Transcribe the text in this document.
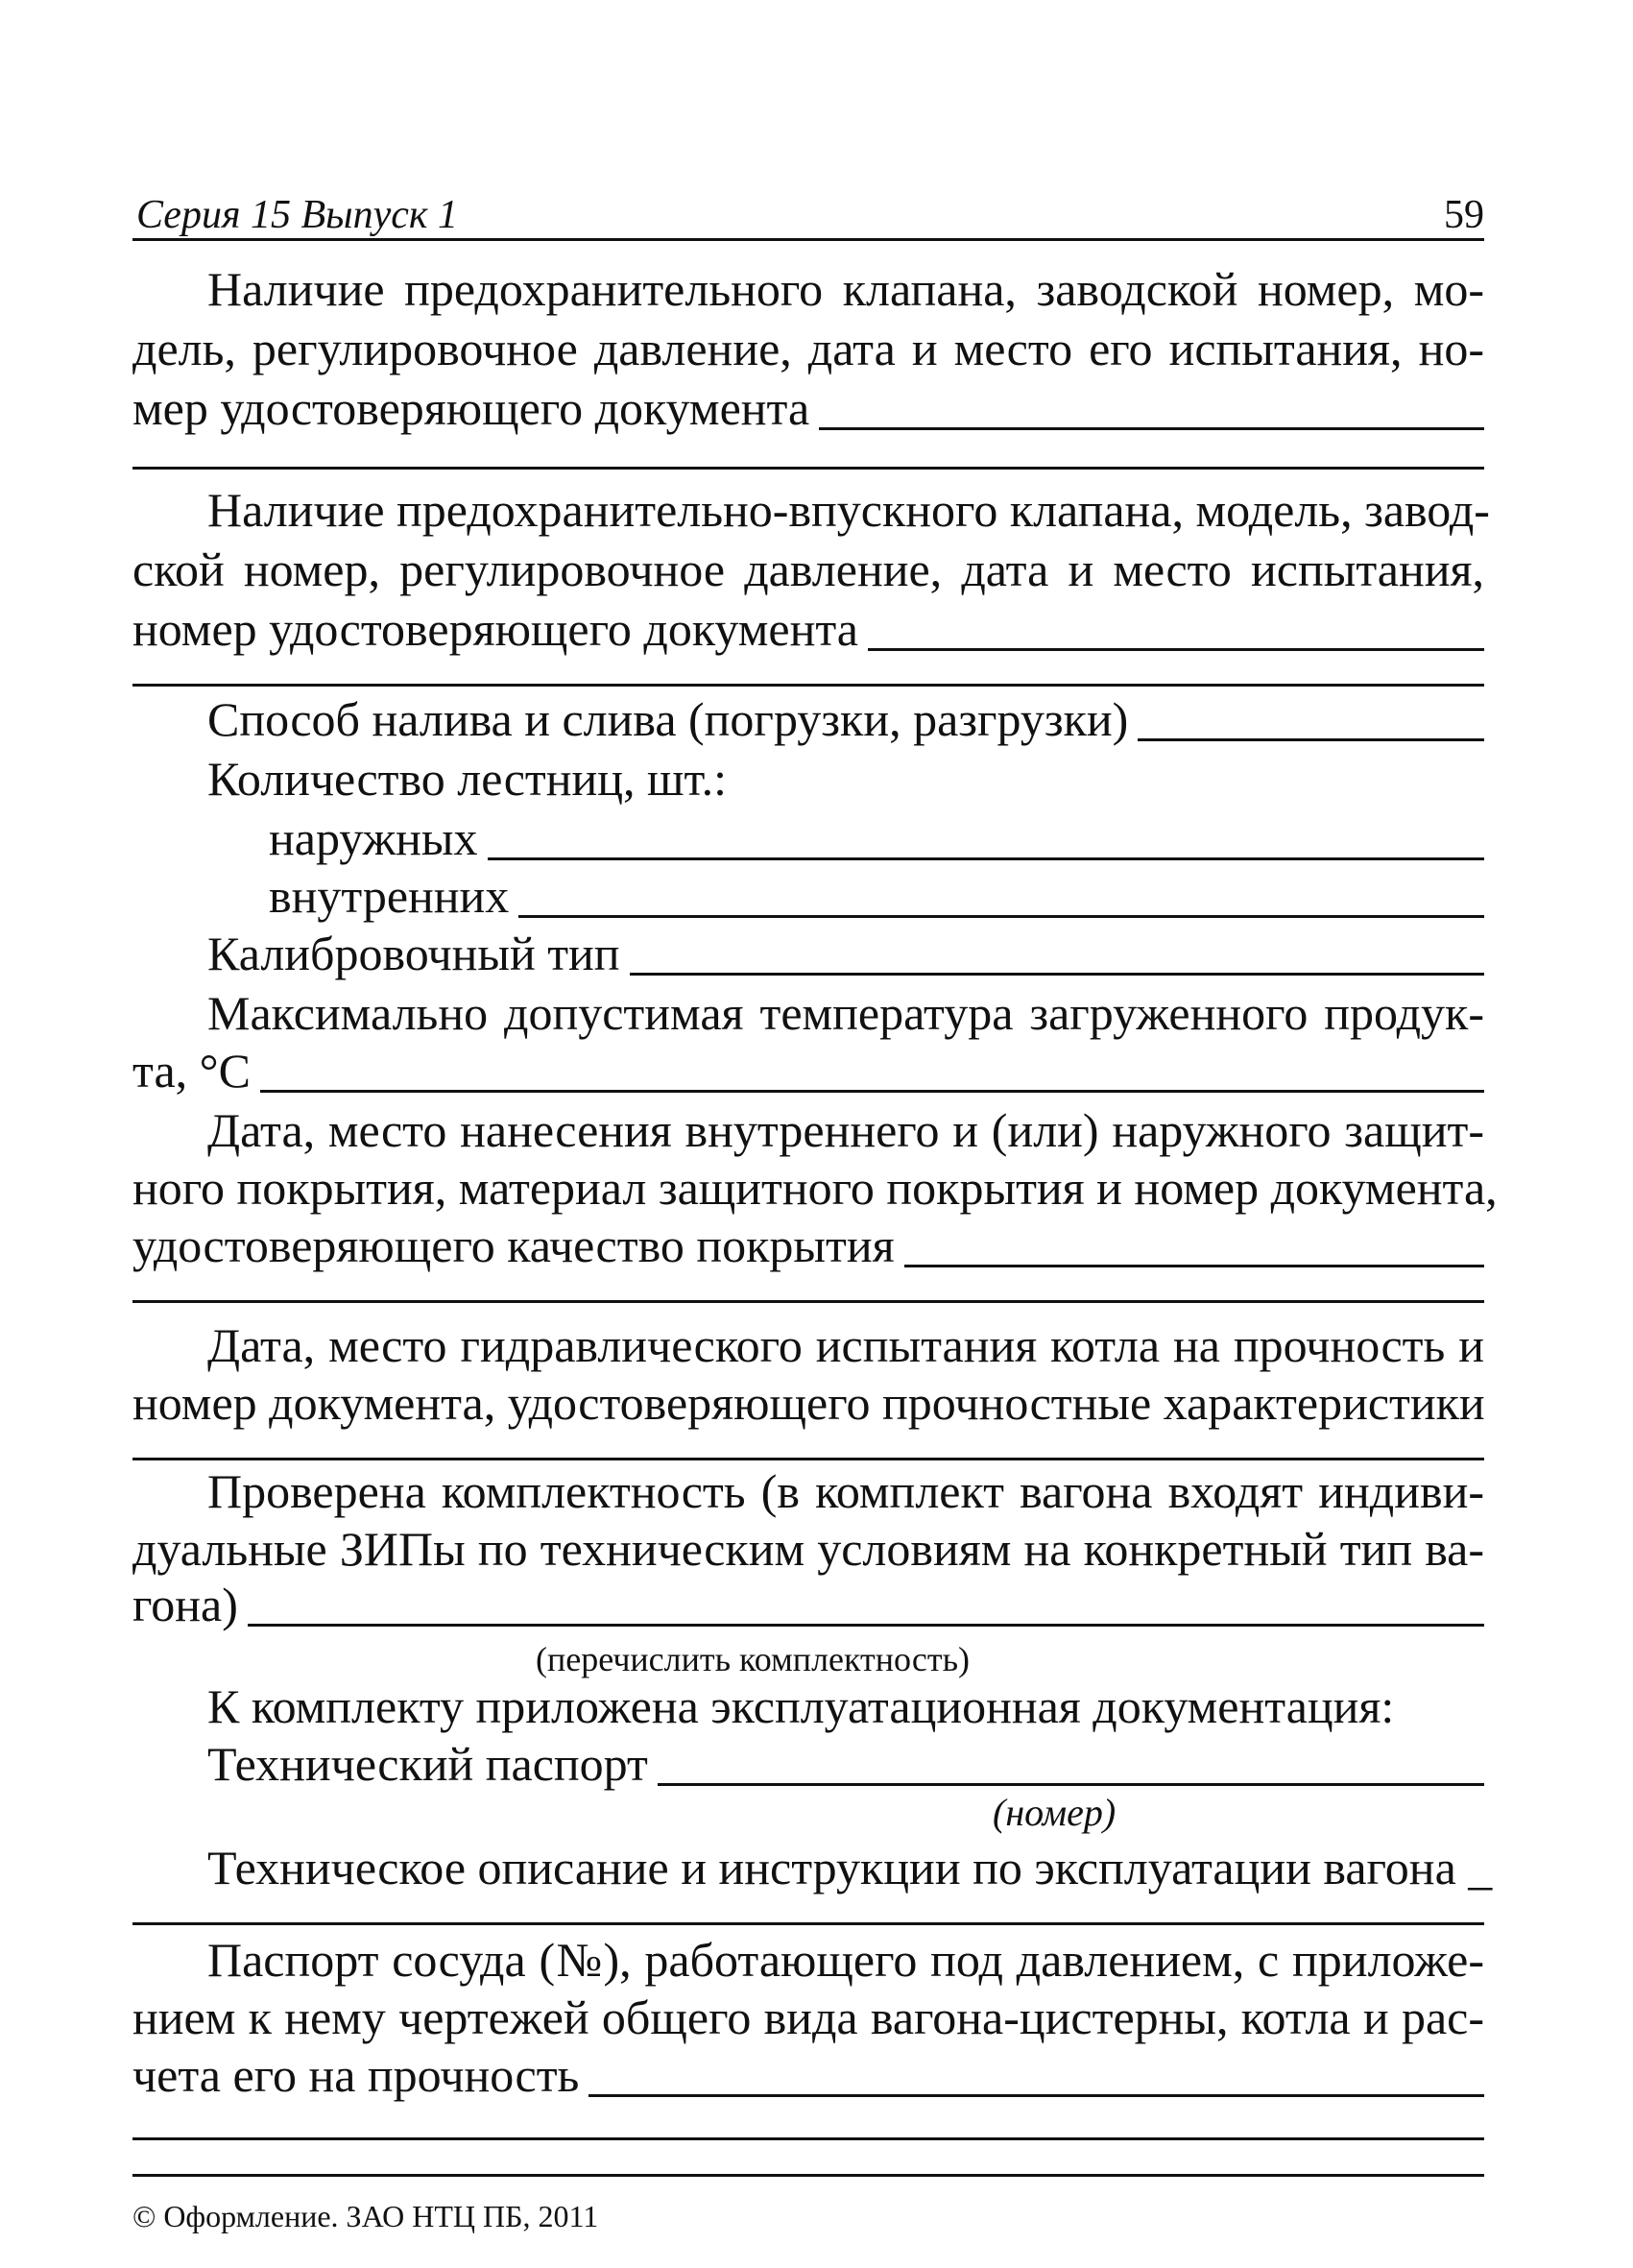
Серия 15 Выпуск 1	59
Наличие предохранительного клапана, заводской номер, мо-
дель, регулировочное давление, дата и место его испытания, но-
мер удостоверяющего документа
Наличие предохранительно-впускного клапана, модель, завод-
ской номер, регулировочное давление, дата и место испытания,
номер удостоверяющего документа
Способ налива и слива (погрузки, разгрузки)
Количество лестниц, шт.:
наружных
внутренних
Калибровочный тип
Максимально допустимая температура загруженного продук-
та, °С
Дата, место нанесения внутреннего и (или) наружного защит-
ного покрытия, материал защитного покрытия и номер документа,
удостоверяющего качество покрытия
Дата, место гидравлического испытания котла на прочность и
номер документа, удостоверяющего прочностные характеристики
Проверена комплектность (в комплект вагона входят индиви-
дуальные ЗИПы по техническим условиям на конкретный тип ва-
гона)
(перечислить комплектность)
К комплекту приложена эксплуатационная документация:
Технический паспорт
(номер)
Техническое описание и инструкции по эксплуатации вагона _
Паспорт сосуда (№), работающего под давлением, с приложе-
нием к нему чертежей общего вида вагона-цистерны, котла и рас-
чета его на прочность
© Оформление. ЗАО НТЦ ПБ, 2011
